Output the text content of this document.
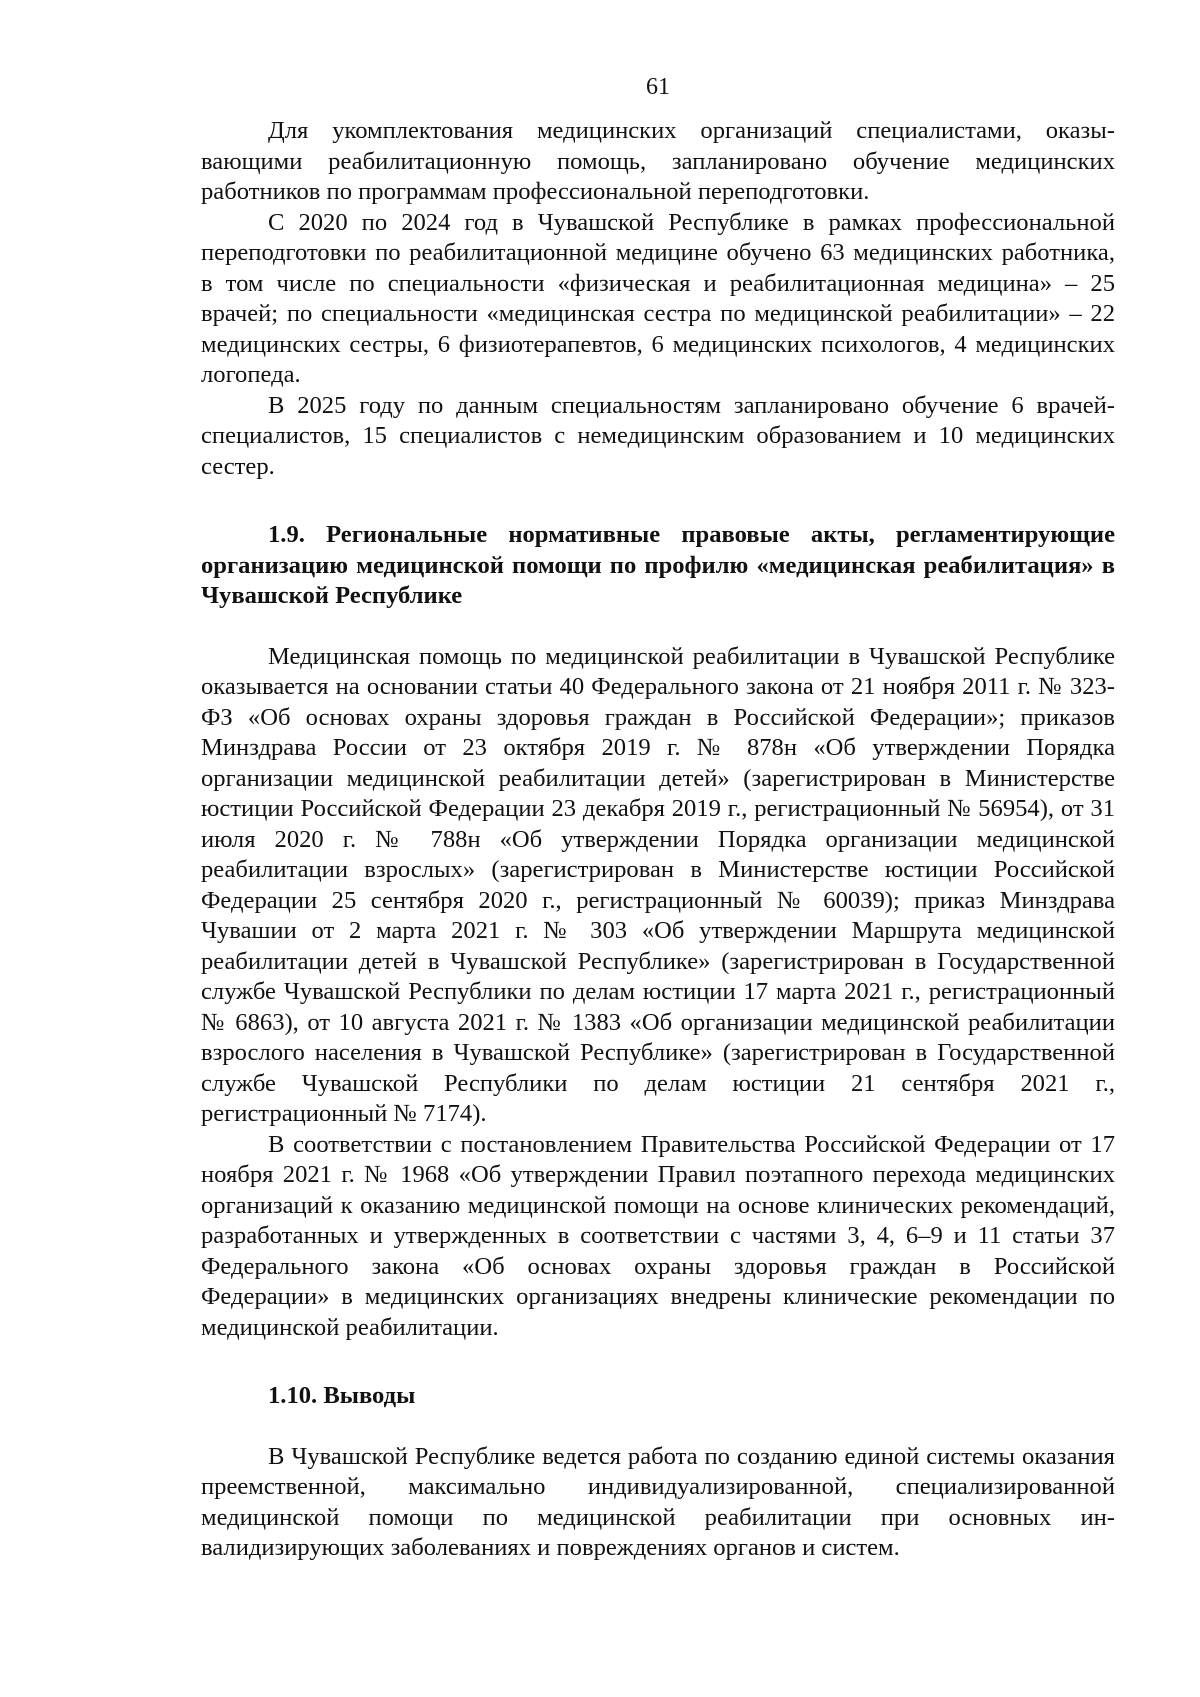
61

Для укомплектования медицинских организаций специалистами, оказывающими реабилитационную помощь, запланировано обучение медицинских работников по программам профессиональной переподготовки.

С 2020 по 2024 год в Чувашской Республике в рамках профессиональной переподготовки по реабилитационной медицине обучено 63 медицинских работника, в том числе по специальности «физическая и реабилитационная медицина» – 25 врачей; по специальности «медицинская сестра по медицинской реабилитации» – 22 медицинских сестры, 6 физиотерапевтов, 6 медицинских психологов, 4 медицинских логопеда.

В 2025 году по данным специальностям запланировано обучение 6 врачей-специалистов, 15 специалистов с немедицинским образованием и 10 медицинских сестер.

1.9. Региональные нормативные правовые акты, регламентирующие организацию медицинской помощи по профилю «медицинская реабилитация» в Чувашской Республике

Медицинская помощь по медицинской реабилитации в Чувашской Республике оказывается на основании статьи 40 Федерального закона от 21 ноября 2011 г. № 323-ФЗ «Об основах охраны здоровья граждан в Российской Федерации»; приказов Минздрава России от 23 октября 2019 г. № 878н «Об утверждении Порядка организации медицинской реабилитации детей» (зарегистрирован в Министерстве юстиции Российской Федерации 23 декабря 2019 г., регистрационный № 56954), от 31 июля 2020 г. № 788н «Об утверждении Порядка организации медицинской реабилитации взрослых» (зарегистрирован в Министерстве юстиции Российской Федерации 25 сентября 2020 г., регистрационный № 60039); приказ Минздрава Чувашии от 2 марта 2021 г. № 303 «Об утверждении Маршрута медицинской реабилитации детей в Чувашской Республике» (зарегистрирован в Государственной службе Чувашской Республики по делам юстиции 17 марта 2021 г., регистрационный № 6863), от 10 августа 2021 г. № 1383 «Об организации медицинской реабилитации взрослого населения в Чувашской Республике» (зарегистрирован в Государственной службе Чувашской Республики по делам юстиции 21 сентября 2021 г., регистрационный № 7174).

В соответствии с постановлением Правительства Российской Федерации от 17 ноября 2021 г. № 1968 «Об утверждении Правил поэтапного перехода медицинских организаций к оказанию медицинской помощи на основе клинических рекомендаций, разработанных и утвержденных в соответствии с частями 3, 4, 6–9 и 11 статьи 37 Федерального закона «Об основах охраны здоровья граждан в Российской Федерации» в медицинских организациях внедрены клинические рекомендации по медицинской реабилитации.

1.10. Выводы

В Чувашской Республике ведется работа по созданию единой системы оказания преемственной, максимально индивидуализированной, специализированной медицинской помощи по медицинской реабилитации при основных инвалидизирующих заболеваниях и повреждениях органов и систем.
